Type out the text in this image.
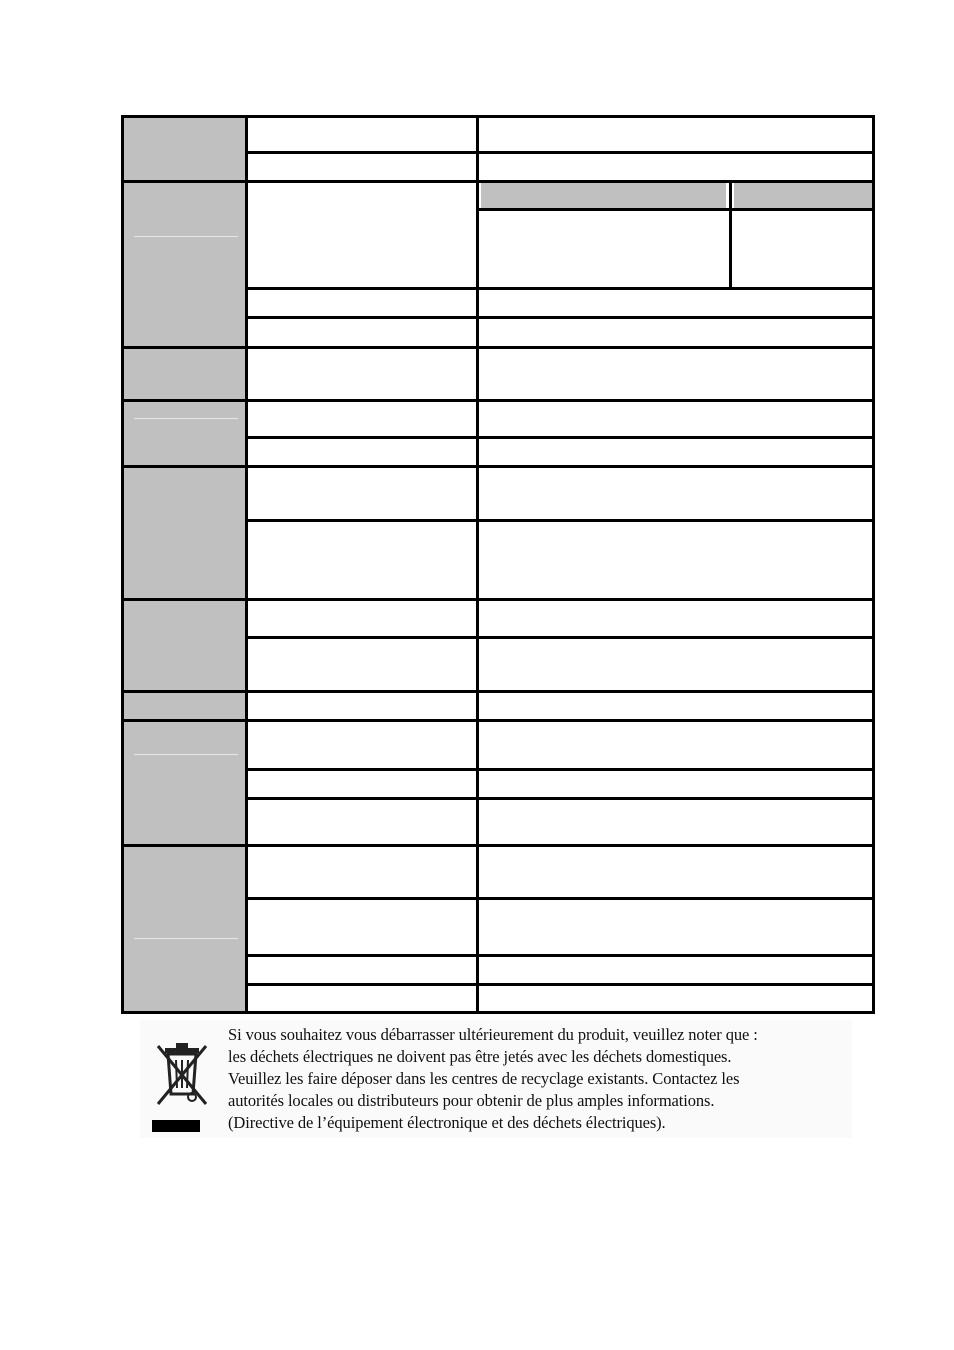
Si vous souhaitez vous débarrasser ultérieurement du produit, veuillez noter que :
les déchets électriques ne doivent pas être jetés avec les déchets domestiques.
Veuillez les faire déposer dans les centres de recyclage existants. Contactez les
autorités locales ou distributeurs pour obtenir de plus amples informations.
(Directive de l’équipement électronique et des déchets électriques).
